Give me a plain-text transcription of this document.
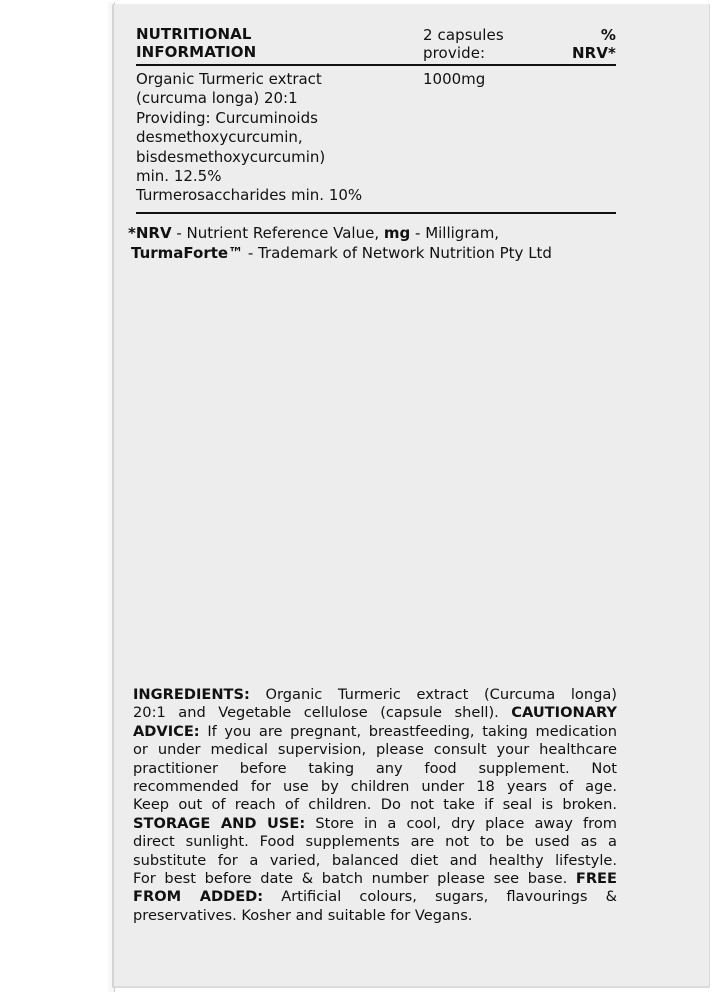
NUTRITIONAL
INFORMATION
2 capsules
provide:
%
NRV*
Organic Turmeric extract
(curcuma longa) 20:1
Providing: Curcuminoids
desmethoxycurcumin,
bisdesmethoxycurcumin)
min. 12.5%
Turmerosaccharides min. 10%
1000mg
*NRV - Nutrient Reference Value, mg - Milligram,
TurmaForte™ - Trademark of Network Nutrition Pty Ltd
INGREDIENTS: Organic Turmeric extract (Curcuma longa)
20:1 and Vegetable cellulose (capsule shell). CAUTIONARY
ADVICE: If you are pregnant, breastfeeding, taking medication
or under medical supervision, please consult your healthcare
practitioner before taking any food supplement. Not
recommended for use by children under 18 years of age.
Keep out of reach of children. Do not take if seal is broken.
STORAGE AND USE: Store in a cool, dry place away from
direct sunlight. Food supplements are not to be used as a
substitute for a varied, balanced diet and healthy lifestyle.
For best before date & batch number please see base. FREE
FROM ADDED: Artificial colours, sugars, flavourings &
preservatives. Kosher and suitable for Vegans.
